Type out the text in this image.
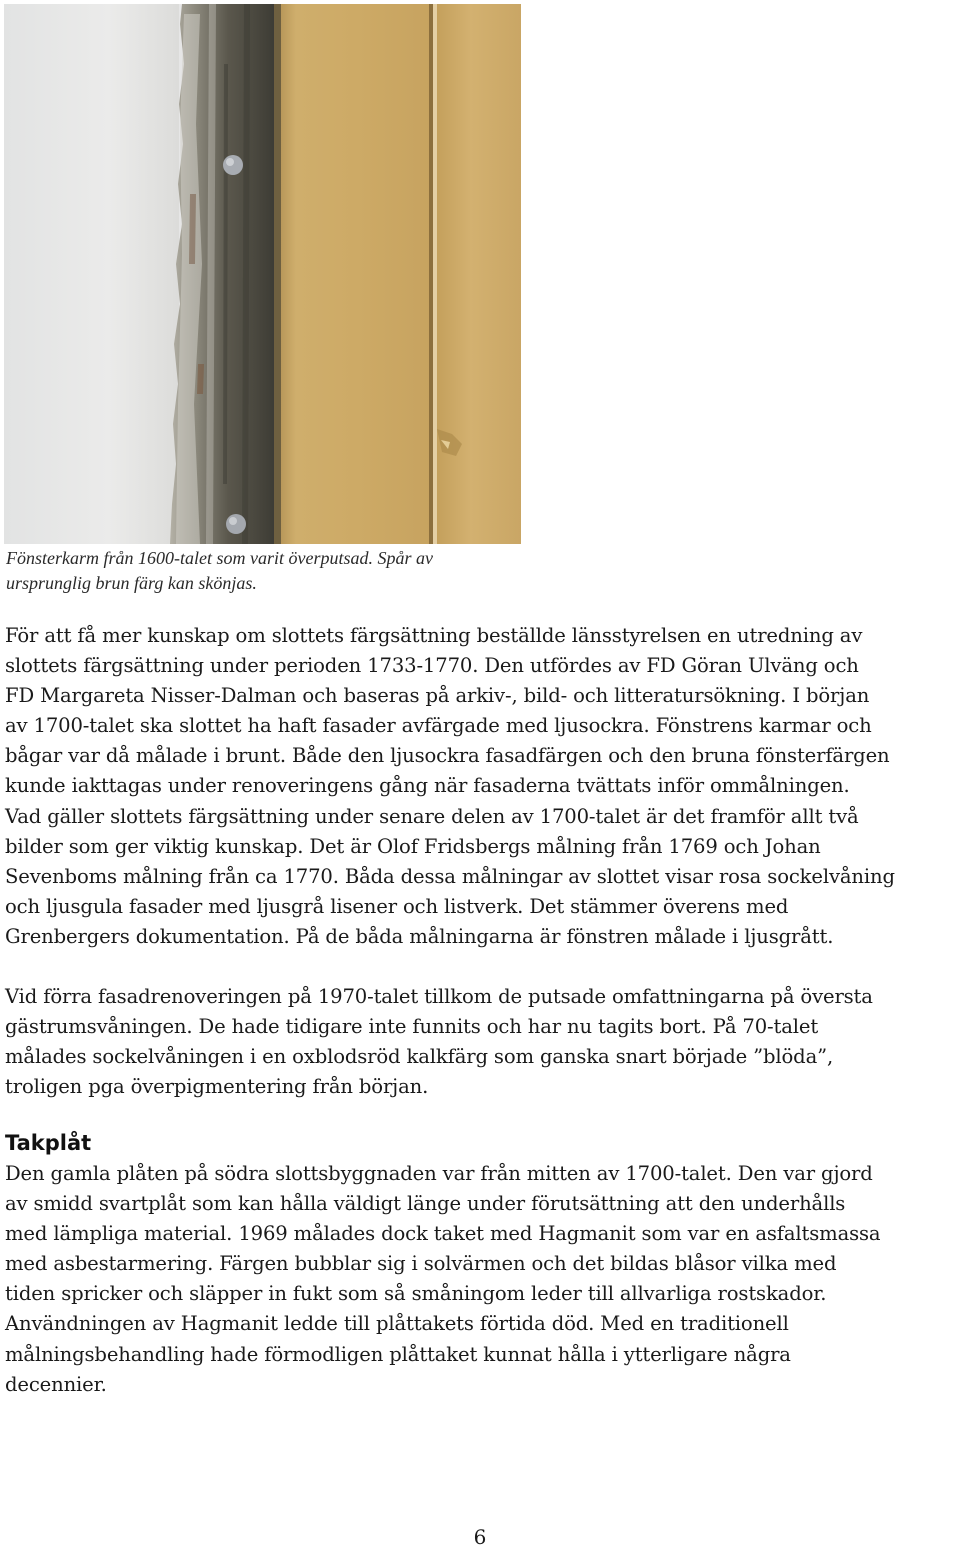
Fönsterkarm från 1600-talet som varit överputsad. Spår av
ursprunglig brun färg kan skönjas.

För att få mer kunskap om slottets färgsättning beställde länsstyrelsen en utredning av
slottets färgsättning under perioden 1733-1770. Den utfördes av FD Göran Ulväng och
FD Margareta Nisser-Dalman och baseras på arkiv-, bild- och litteratursökning. I början
av 1700-talet ska slottet ha haft fasader avfärgade med ljusockra. Fönstrens karmar och
bågar var då målade i brunt. Både den ljusockra fasadfärgen och den bruna fönsterfärgen
kunde iakttagas under renoveringens gång när fasaderna tvättats inför ommålningen.
Vad gäller slottets färgsättning under senare delen av 1700-talet är det framför allt två
bilder som ger viktig kunskap. Det är Olof Fridsbergs målning från 1769 och Johan
Sevenboms målning från ca 1770. Båda dessa målningar av slottet visar rosa sockelvåning
och ljusgula fasader med ljusgrå lisener och listverk. Det stämmer överens med
Grenbergers dokumentation. På de båda målningarna är fönstren målade i ljusgrått.

Vid förra fasadrenoveringen på 1970-talet tillkom de putsade omfattningarna på översta
gästrumsvåningen. De hade tidigare inte funnits och har nu tagits bort. På 70-talet
målades sockelvåningen i en oxblodsröd kalkfärg som ganska snart började ”blöda”,
troligen pga överpigmentering från början.

Takplåt

Den gamla plåten på södra slottsbyggnaden var från mitten av 1700-talet. Den var gjord
av smidd svartplåt som kan hålla väldigt länge under förutsättning att den underhålls
med lämpliga material. 1969 målades dock taket med Hagmanit som var en asfaltsmassa
med asbestarmering. Färgen bubblar sig i solvärmen och det bildas blåsor vilka med
tiden spricker och släpper in fukt som så småningom leder till allvarliga rostskador.
Användningen av Hagmanit ledde till plåttakets förtida död. Med en traditionell
målningsbehandling hade förmodligen plåttaket kunnat hålla i ytterligare några
decennier.

6
